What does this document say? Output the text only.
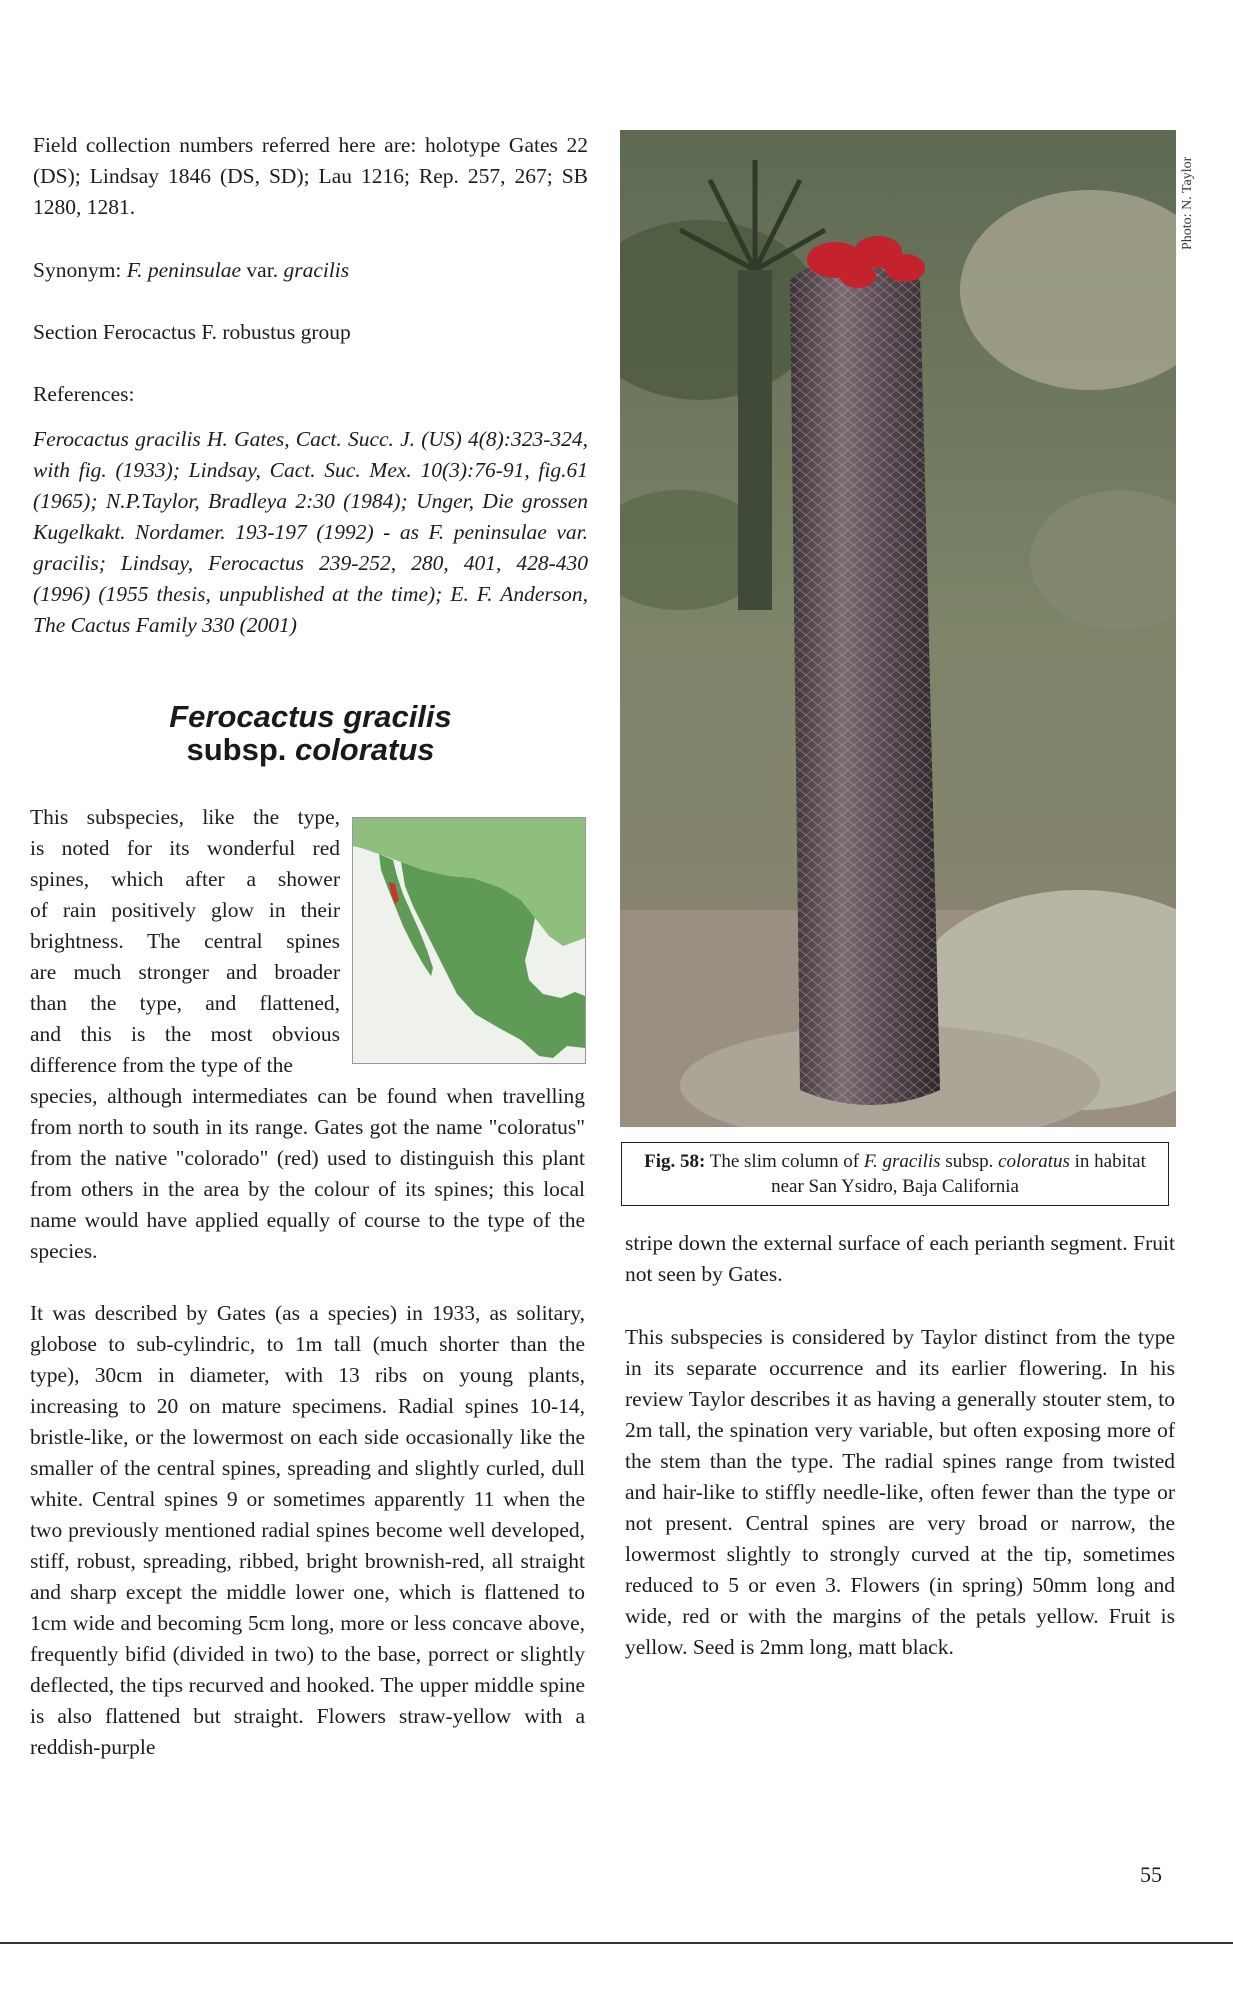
Field collection numbers referred here are: holotype Gates 22 (DS); Lindsay 1846 (DS, SD); Lau 1216; Rep. 257, 267; SB 1280, 1281.

Synonym: F. peninsulae var. gracilis
Section Ferocactus F. robustus group
References:
Ferocactus gracilis H. Gates, Cact. Succ. J. (US) 4(8):323-324, with fig. (1933); Lindsay, Cact. Suc. Mex. 10(3):76-91, fig.61 (1965); N.P.Taylor, Bradleya 2:30 (1984); Unger, Die grossen Kugelkakt. Nordamer. 193-197 (1992) - as F. peninsulae var. gracilis; Lindsay, Ferocactus 239-252, 280, 401, 428-430 (1996) (1955 thesis, unpublished at the time); E. F. Anderson, The Cactus Family 330 (2001)
Ferocactus gracilis
subsp. coloratus
This subspecies, like the type,
is noted for its wonderful red
spines, which after a shower
of rain positively glow in their
brightness. The central spines
are much stronger and broader
than the type, and flattened,
and this is the most obvious
difference from the type of the

species, although intermediates can be found when travelling from north to south in its range. Gates got the name "coloratus" from the native "colorado" (red) used to distinguish this plant from others in the area by the colour of its spines; this local name would have applied equally of course to the type of the species.

It was described by Gates (as a species) in 1933, as solitary, globose to sub-cylindric, to 1m tall (much shorter than the type), 30cm in diameter, with 13 ribs on young plants, increasing to 20 on mature specimens. Radial spines 10-14, bristle-like, or the lowermost on each side occasionally like the smaller of the central spines, spreading and slightly curled, dull white. Central spines 9 or sometimes apparently 11 when the two previously mentioned radial spines become well developed, stiff, robust, spreading, ribbed, bright brownish-red, all straight and sharp except the middle lower one, which is flattened to 1cm wide and becoming 5cm long, more or less concave above, frequently bifid (divided in two) to the base, porrect or slightly deflected, the tips recurved and hooked. The upper middle spine is also flattened but straight. Flowers straw-yellow with a reddish-purple

Photo: N. Taylor
Fig. 58: The slim column of F. gracilis subsp. coloratus in habitat near San Ysidro, Baja California

stripe down the external surface of each perianth segment. Fruit not seen by Gates.

This subspecies is considered by Taylor distinct from the type in its separate occurrence and its earlier flowering. In his review Taylor describes it as having a generally stouter stem, to 2m tall, the spination very variable, but often exposing more of the stem than the type. The radial spines range from twisted and hair-like to stiffly needle-like, often fewer than the type or not present. Central spines are very broad or narrow, the lowermost slightly to strongly curved at the tip, sometimes reduced to 5 or even 3. Flowers (in spring) 50mm long and wide, red or with the margins of the petals yellow. Fruit is yellow. Seed is 2mm long, matt black.

55
